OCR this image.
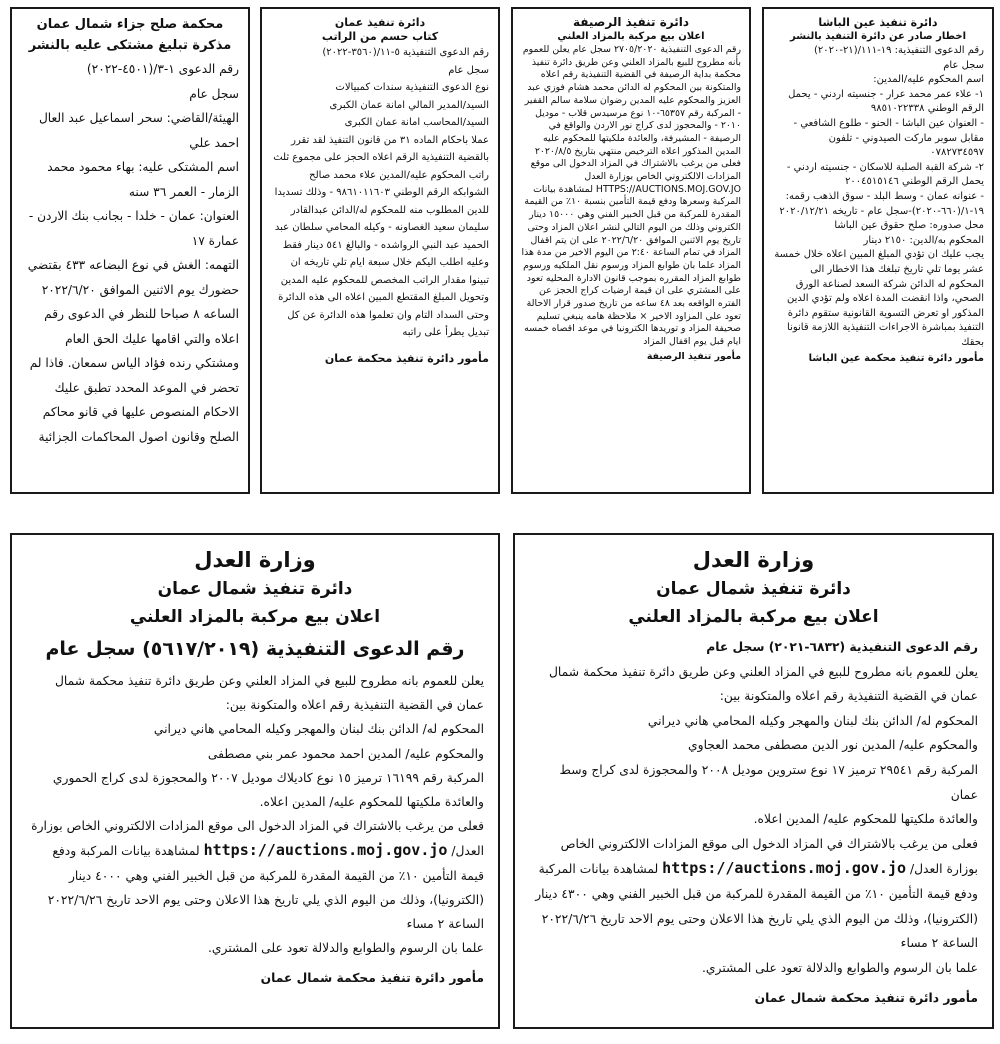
دائرة تنفيذ عين الباشا
اخطار صادر عن دائرة التنفيذ بالنشر

رقم الدعوى التنفيذية: ١٩-١١١/(٢١-٢٠٢٠)

سجل عام

اسم المحكوم عليه/المدين:

١- علاء عمر محمد عرار - جنسيته اردني - يحمل الرقم الوطني ٩٨٥١٠٢٢٣٣٨

- العنوان عين الباشا - الحنو - طلوع الشافعي - مقابل سوبر ماركت الصيدوني - تلفون ٠٧٨٢٧٣٤٥٩٧

٢- شركة القبة الصلبة للاسكان - جنسيته اردني - يحمل الرقم الوطني ٢٠٠٤٥١٥١٤٦

- عنوانه عمان - وسط البلد - سوق الذهب رقمه: ١٩-١/(٦٦٠-٢٠٢٠)-سجل عام - تاريخه ٢٠٢٠/١٢/٢١

محل صدوره: صلح حقوق عين الباشا

المحكوم به/الدين: ٢١٥٠ دينار

يجب عليك ان تؤدي المبلغ المبين اعلاه خلال خمسة عشر يوما تلي تاريخ تبلغك هذا الاخطار الى المحكوم له الدائن شركة السعد لصناعة الورق الصحي، واذا انقضت المدة اعلاه ولم تؤدي الدين المذكور او تعرض التسوية القانونية ستقوم دائرة التنفيذ بمباشرة الاجراءات التنفيذية اللازمة قانونا بحقك

مأمور دائرة تنفيذ محكمة عين الباشا

دائرة تنفيذ الرصيفة
اعلان بيع مركبة بالمزاد العلني

رقم الدعوى التنفيذية ٢٧٠٥/٢٠٢٠ سجل عام يعلن للعموم بأنه مطروح للبيع بالمزاد العلني وعن طريق دائرة تنفيذ محكمة بداية الرصيفة في القضية التنفيذية رقم اعلاه والمتكونة بين المحكوم له الدائن محمد هشام فوزي عبد العزيز والمحكوم عليه المدين رضوان سلامة سالم القفير - المركبة رقم ٦٥٣٥٧-١٠ نوع مرسيدس قلاب - موديل ٢٠١٠ - والمحجوز لدى كراج نور الاردن والواقع في الرصيفة - المشيرفة، والعائدة ملكيتها للمحكوم عليه المدين المذكور اعلاه الترخيص منتهي بتاريخ ٢٠٢٠/٨/٥ فعلى من يرغب بالاشتراك في المزاد الدخول الى موقع المزادات الالكتروني الخاص بوزارة العدل HTTPS://AUCTIONS.MOJ.GOV.JO لمشاهدة بيانات المركبة وسعرها ودفع قيمة التأمين بنسبة ١٠٪ من القيمة المقدرة للمركبة من قبل الخبير الفني وهي ١٥٠٠٠ دينار الكتروني وذلك من اليوم التالي لنشر اعلان المزاد وحتى تاريخ يوم الاثنين الموافق ٢٠٢٢/٦/٢٠ على ان يتم اقفال المزاد في تمام الساعة ٢:٤٠ من اليوم الاخير من مدة هذا المزاد علما بان طوابع المزاد ورسوم نقل الملكيه ورسوم طوابع المزاد المقرره بموجب قانون الادارة المحليه تعود على المشتري على ان قيمة ارضيات كراج الحجز عن الفتره الواقعه بعد ٤٨ ساعه من تاريخ صدور قرار الاحالة تعود على المزاود الاخير × ملاحظة هامه ينبغي تسليم صحيفة المزاد و توريدها الكترونيا في موعد اقصاه خمسه ايام قبل يوم اقفال المزاد

مأمور تنفيذ الرصيفة

دائرة تنفيذ عمان
كتاب حسم من الراتب

رقم الدعوى التنفيذية ٥-١١/(٣٥٦٠-٢٠٢٢)

سجل عام

نوع الدعوى التنفيذية سندات كمبيالات

السيد/المدير المالي امانة عمان الكبرى

السيد/المحاسب امانة عمان الكبرى

عملا باحكام الماده ٣١ من قانون التنفيذ لقد تقرر بالقضية التنفيذية الرقم اعلاه الحجز على مجموع ثلث راتب المحكوم عليه/المدين علاء محمد صالح الشوابكه الرقم الوطني ٩٨٦١٠١١٦٠٣ - وذلك تسديدا للدين المطلوب منه للمحكوم له/الدائن عبدالقادر سليمان سعيد الغصاونه - وكيله المحامي سلطان عبد الحميد عبد النبي الرواشده - والبالغ ٥٤١ دينار فقط

وعليه اطلب اليكم خلال سبعة ايام تلي تاريخه ان تبينوا مقدار الراتب المخصص للمحكوم عليه المدين وتحويل المبلغ المقتطع المبين اعلاه الى هذه الدائرة وحتى السداد التام وان تعلموا هذه الدائرة عن كل تبديل يطرأ على راتبه

مأمور دائرة تنفيذ محكمة عمان

محكمة صلح جزاء شمال عمان
مذكرة تبليغ مشتكى عليه بالنشر

رقم الدعوى ١-٣/(٤٥٠١-٢٠٢٢)

سجل عام

الهيئة/القاضي: سحر اسماعيل عبد العال احمد علي

اسم المشتكى عليه: بهاء محمود محمد الزمار - العمر ٣٦ سنه

العنوان: عمان - خلدا - بجانب بنك الاردن - عمارة ١٧

التهمه: الغش في نوع البضاعه ٤٣٣ بقتضي حضورك يوم الاثنين الموافق ٢٠٢٢/٦/٢٠ الساعه ٨ صباحا للنظر في الدعوى رقم اعلاه والتي اقامها عليك الحق العام ومشتكي رنده فؤاد الياس سمعان. فاذا لم تحضر في الموعد المحدد تطبق عليك الاحكام المنصوص عليها في قانو محاكم الصلح وقانون اصول المحاكمات الجزائية

وزارة العدل
دائرة تنفيذ شمال عمان
اعلان بيع مركبة بالمزاد العلني
رقم الدعوى التنفيذية (٦٨٣٢-٢٠٢١) سجل عام

يعلن للعموم بانه مطروح للبيع في المزاد العلني وعن طريق دائرة تنفيذ محكمة شمال عمان في القضية التنفيذية رقم اعلاه والمتكونة بين:

المحكوم له/ الدائن بنك لبنان والمهجر وكيله المحامي هاني ديراني

والمحكوم عليه/ المدين نور الدين مصطفى محمد العجاوي

المركبة رقم ٢٩٥٤١ ترميز ١٧ نوع ستروين موديل ٢٠٠٨ والمحجوزة لدى كراج وسط عمان

والعائدة ملكيتها للمحكوم عليه/ المدين اعلاه.

فعلى من يرغب بالاشتراك في المزاد الدخول الى موقع المزادات الالكتروني الخاص بوزارة العدل/ https://auctions.moj.gov.jo لمشاهدة بيانات المركبة ودفع قيمة التأمين ١٠٪ من القيمة المقدرة للمركبة من قبل الخبير الفني وهي ٤٣٠٠ دينار (الكترونيا)، وذلك من اليوم الذي يلي تاريخ هذا الاعلان وحتى يوم الاحد تاريخ ٢٠٢٢/٦/٢٦ الساعة ٢ مساء

علما بان الرسوم والطوابع والدلالة تعود على المشتري.

مأمور دائرة تنفيذ محكمة شمال عمان

وزارة العدل
دائرة تنفيذ شمال عمان
اعلان بيع مركبة بالمزاد العلني
رقم الدعوى التنفيذية (٥٦١٧/٢٠١٩) سجل عام

يعلن للعموم بانه مطروح للبيع في المزاد العلني وعن طريق دائرة تنفيذ محكمة شمال عمان في القضية التنفيذية رقم اعلاه والمتكونة بين:

المحكوم له/ الدائن بنك لبنان والمهجر وكيله المحامي هاني ديراني

والمحكوم عليه/ المدين احمد محمود عمر بني مصطفى

المركبة رقم ١٦١٩٩ ترميز ١٥ نوع كاديلاك موديل ٢٠٠٧ والمحجوزة لدى كراج الحموري

والعائدة ملكيتها للمحكوم عليه/ المدين اعلاه.

فعلى من يرغب بالاشتراك في المزاد الدخول الى موقع المزادات الالكتروني الخاص بوزارة العدل/ https://auctions.moj.gov.jo لمشاهدة بيانات المركبة ودفع قيمة التأمين ١٠٪ من القيمة المقدرة للمركبة من قبل الخبير الفني وهي ٤٠٠٠ دينار (الكترونيا)، وذلك من اليوم الذي يلي تاريخ هذا الاعلان وحتى يوم الاحد تاريخ ٢٠٢٢/٦/٢٦ الساعة ٢ مساء

علما بان الرسوم والطوابع والدلالة تعود على المشتري.

مأمور دائرة تنفيذ محكمة شمال عمان
